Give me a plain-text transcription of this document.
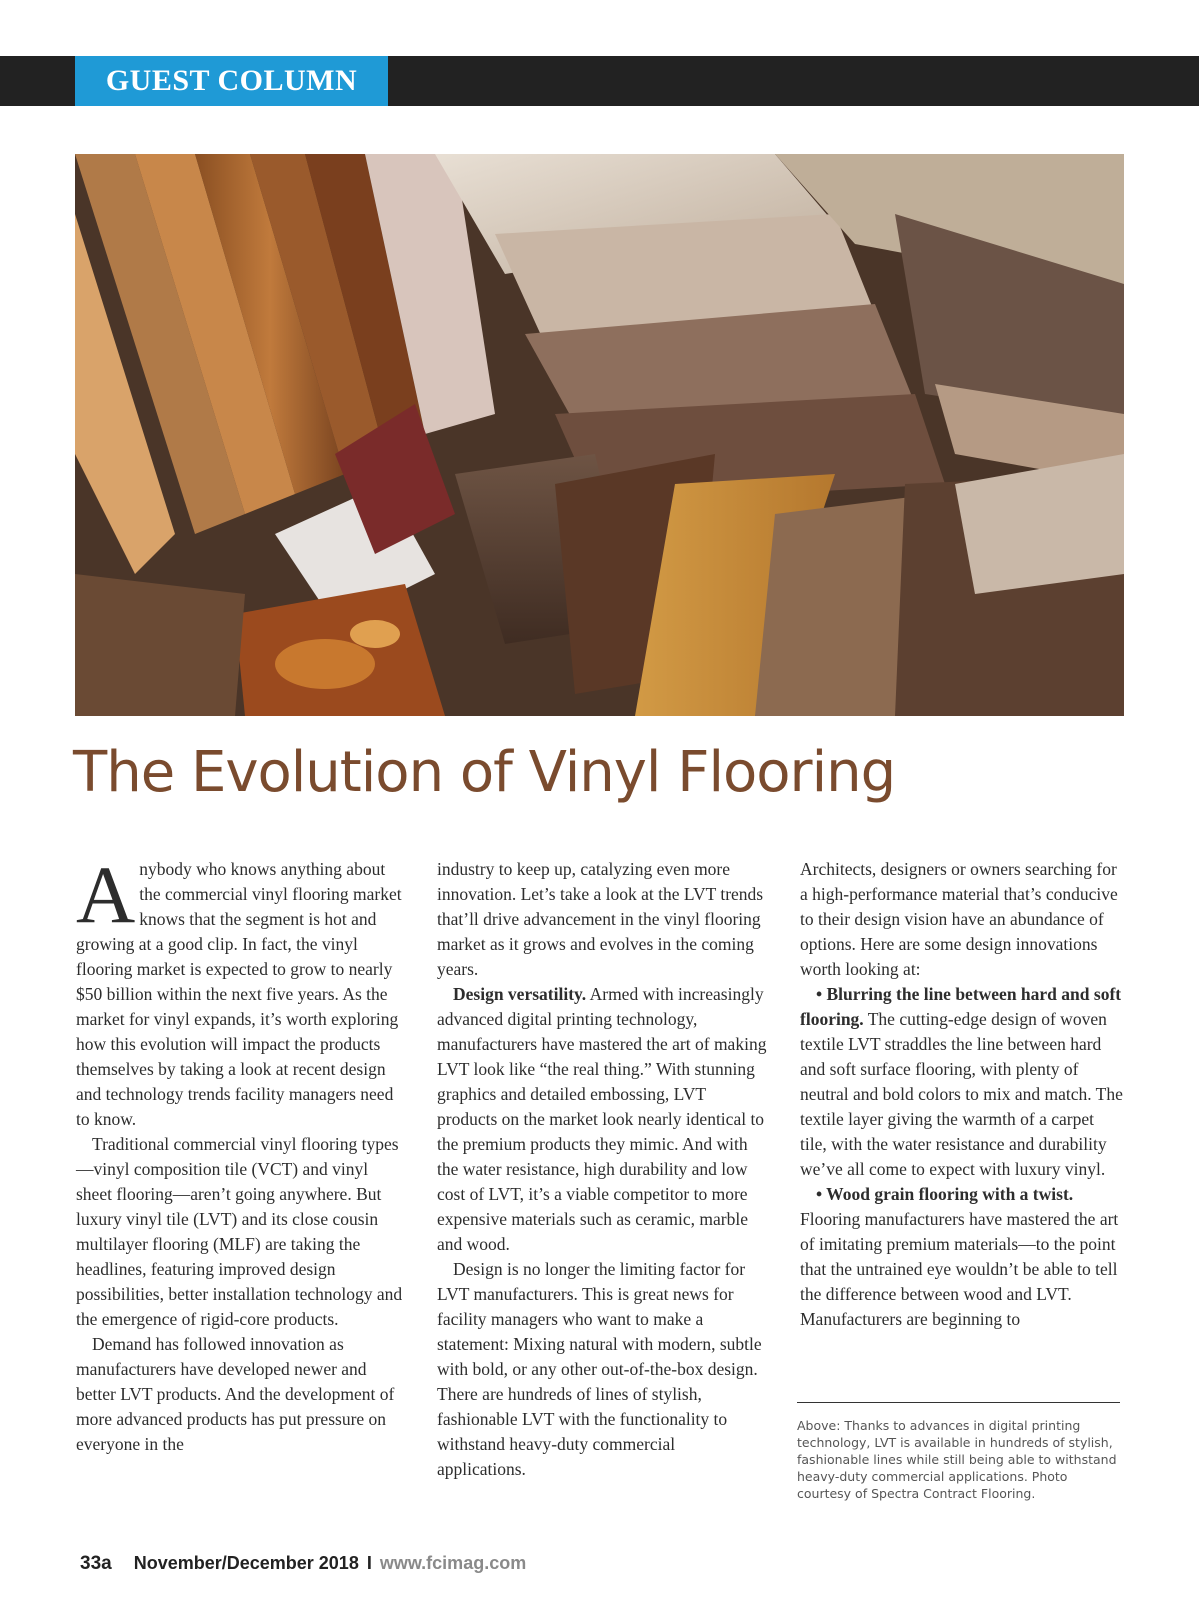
GUEST COLUMN
The Evolution of Vinyl Flooring

Anybody who knows anything about the commercial vinyl flooring market knows that the segment is hot and growing at a good clip. In fact, the vinyl flooring market is expected to grow to nearly $50 billion within the next five years. As the market for vinyl expands, it’s worth exploring how this evolution will impact the products themselves by taking a look at recent design and technology trends facility managers need to know.

Traditional commercial vinyl flooring types—vinyl composition tile (VCT) and vinyl sheet flooring—aren’t going anywhere. But luxury vinyl tile (LVT) and its close cousin multilayer flooring (MLF) are taking the headlines, featuring improved design possibilities, better installation technology and the emergence of rigid-core products.

Demand has followed innovation as manufacturers have developed newer and better LVT products. And the development of more advanced products has put pressure on everyone in the

industry to keep up, catalyzing even more innovation. Let’s take a look at the LVT trends that’ll drive advancement in the vinyl flooring market as it grows and evolves in the coming years.

Design versatility. Armed with increasingly advanced digital printing technology, manufacturers have mastered the art of making LVT look like “the real thing.” With stunning graphics and detailed embossing, LVT products on the market look nearly identical to the premium products they mimic. And with the water resistance, high durability and low cost of LVT, it’s a viable competitor to more expensive materials such as ceramic, marble and wood.

Design is no longer the limiting factor for LVT manufacturers. This is great news for facility managers who want to make a statement: Mixing natural with modern, subtle with bold, or any other out-of-the-box design. There are hundreds of lines of stylish, fashionable LVT with the functionality to withstand heavy-duty commercial applications.

Architects, designers or owners searching for a high-performance material that’s conducive to their design vision have an abundance of options. Here are some design innovations worth looking at:

• Blurring the line between hard and soft flooring. The cutting-edge design of woven textile LVT straddles the line between hard and soft surface flooring, with plenty of neutral and bold colors to mix and match. The textile layer giving the warmth of a carpet tile, with the water resistance and durability we’ve all come to expect with luxury vinyl.

• Wood grain flooring with a twist. Flooring manufacturers have mastered the art of imitating premium materials—to the point that the untrained eye wouldn’t be able to tell the difference between wood and LVT. Manufacturers are beginning to

Above: Thanks to advances in digital printing technology, LVT is available in hundreds of stylish, fashionable lines while still being able to withstand heavy-duty commercial applications. Photo courtesy of Spectra Contract Flooring.
33a November/December 2018 I www.fcimag.com
